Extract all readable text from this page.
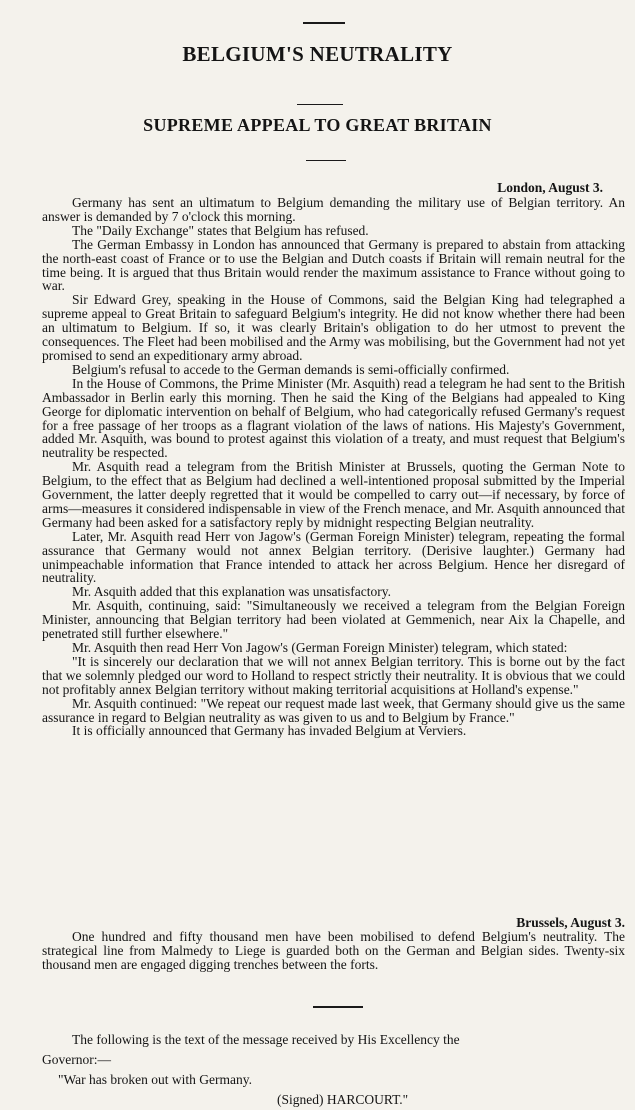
BELGIUM'S NEUTRALITY
SUPREME APPEAL TO GREAT BRITAIN
London, August 3.

Germany has sent an ultimatum to Belgium demanding the military use of Belgian territory. An answer is demanded by 7 o'clock this morning.

The "Daily Exchange" states that Belgium has refused.

The German Embassy in London has announced that Germany is prepared to abstain from attacking the north-east coast of France or to use the Belgian and Dutch coasts if Britain will remain neutral for the time being. It is argued that thus Britain would render the maximum assistance to France without going to war.

Sir Edward Grey, speaking in the House of Commons, said the Belgian King had telegraphed a supreme appeal to Great Britain to safeguard Belgium's integrity. He did not know whether there had been an ultimatum to Belgium. If so, it was clearly Britain's obligation to do her utmost to prevent the consequences. The Fleet had been mobilised and the Army was mobilising, but the Government had not yet promised to send an expeditionary army abroad.

Belgium's refusal to accede to the German demands is semi-officially confirmed.

In the House of Commons, the Prime Minister (Mr. Asquith) read a telegram he had sent to the British Ambassador in Berlin early this morning. Then he said the King of the Belgians had appealed to King George for diplomatic intervention on behalf of Belgium, who had categorically refused Germany's request for a free passage of her troops as a flagrant violation of the laws of nations. His Majesty's Government, added Mr. Asquith, was bound to protest against this violation of a treaty, and must request that Belgium's neutrality be respected.

Mr. Asquith read a telegram from the British Minister at Brussels, quoting the German Note to Belgium, to the effect that as Belgium had declined a well-intentioned proposal submitted by the Imperial Government, the latter deeply regretted that it would be compelled to carry out—if necessary, by force of arms—measures it considered indispensable in view of the French menace, and Mr. Asquith announced that Germany had been asked for a satisfactory reply by midnight respecting Belgian neutrality.

Later, Mr. Asquith read Herr von Jagow's (German Foreign Minister) telegram, repeating the formal assurance that Germany would not annex Belgian territory. (Derisive laughter.) Germany had unimpeachable information that France intended to attack her across Belgium. Hence her disregard of neutrality.

Mr. Asquith added that this explanation was unsatisfactory.

Mr. Asquith, continuing, said: "Simultaneously we received a telegram from the Belgian Foreign Minister, announcing that Belgian territory had been violated at Gemmenich, near Aix la Chapelle, and penetrated still further elsewhere."

Mr. Asquith then read Herr Von Jagow's (German Foreign Minister) telegram, which stated:

"It is sincerely our declaration that we will not annex Belgian territory. This is borne out by the fact that we solemnly pledged our word to Holland to respect strictly their neutrality. It is obvious that we could not profitably annex Belgian territory without making territorial acquisitions at Holland's expense."

Mr. Asquith continued: "We repeat our request made last week, that Germany should give us the same assurance in regard to Belgian neutrality as was given to us and to Belgium by France."

It is officially announced that Germany has invaded Belgium at Verviers.

Brussels, August 3.

One hundred and fifty thousand men have been mobilised to defend Belgium's neutrality. The strategical line from Malmedy to Liege is guarded both on the German and Belgian sides. Twenty-six thousand men are engaged digging trenches between the forts.

The following is the text of the message received by His Excellency the

Governor:—

"War has broken out with Germany.

(Signed) HARCOURT."
